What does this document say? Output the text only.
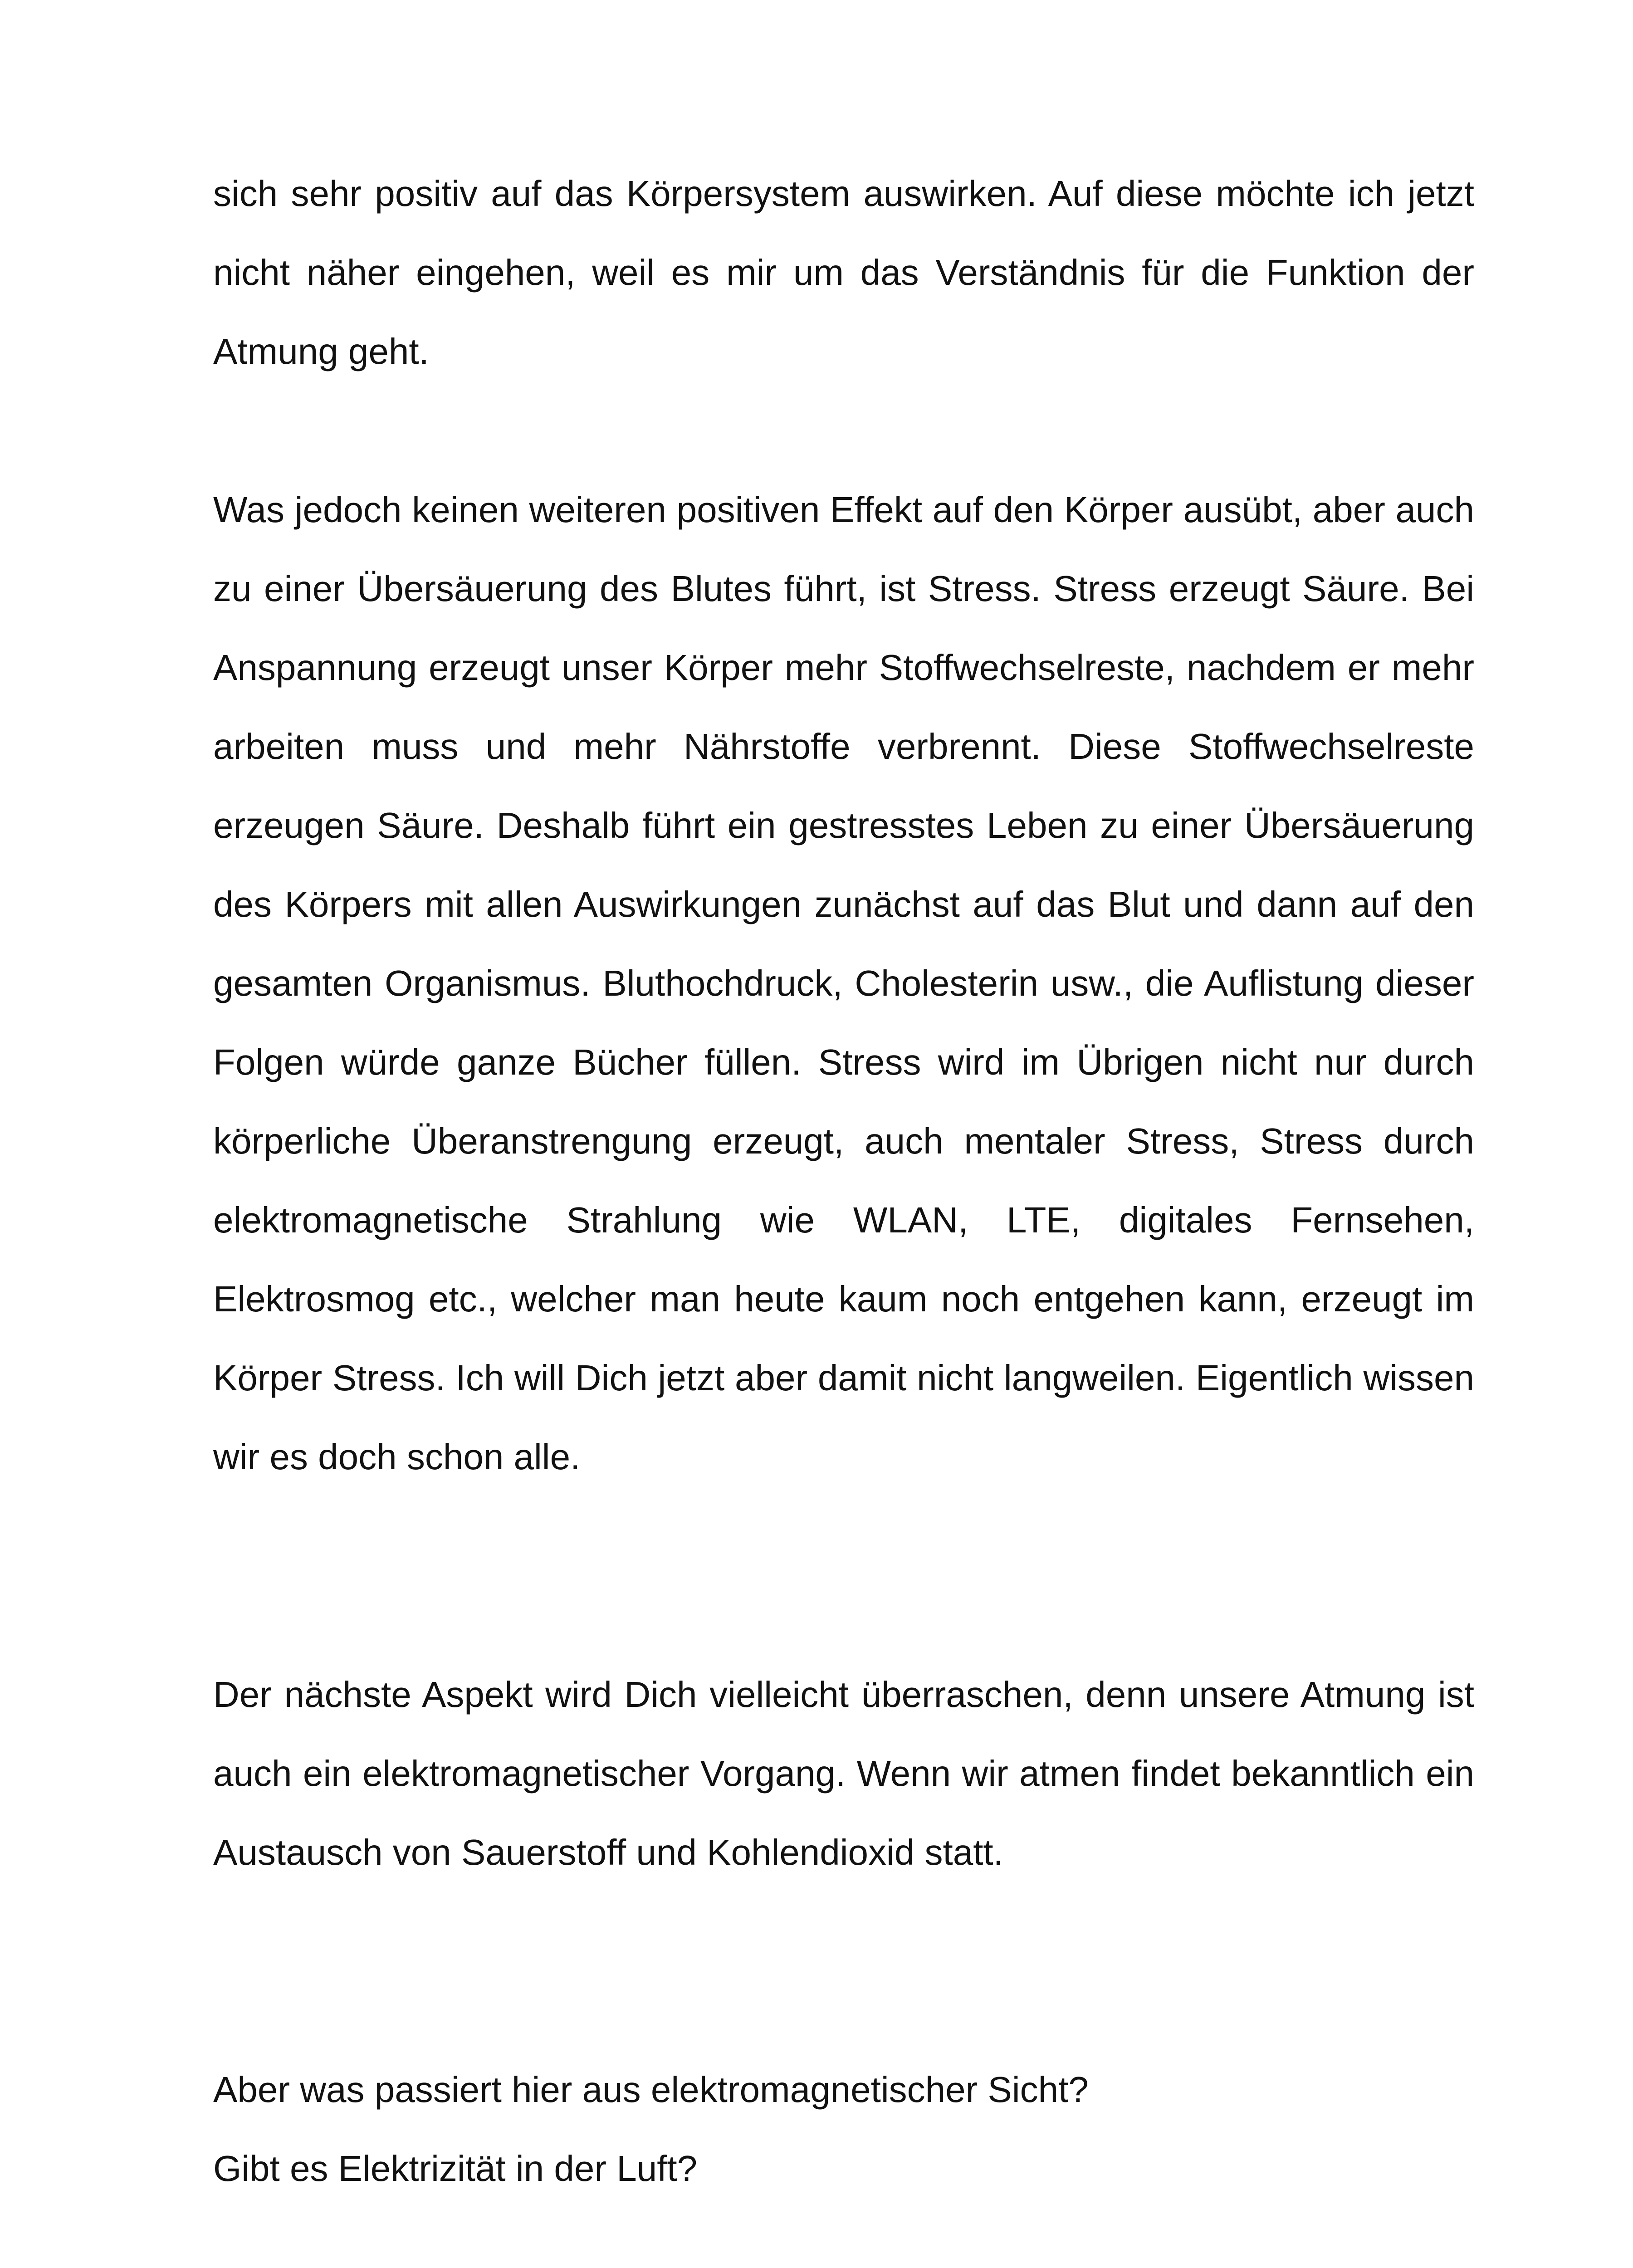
sich sehr positiv auf das Körpersystem auswirken. Auf diese möchte ich jetzt nicht näher eingehen, weil es mir um das Verständnis für die Funktion der Atmung geht.

Was jedoch keinen weiteren positiven Effekt auf den Körper ausübt, aber auch zu einer Übersäuerung des Blutes führt, ist Stress. Stress erzeugt Säure. Bei Anspannung erzeugt unser Körper mehr Stoffwechselreste, nachdem er mehr arbeiten muss und mehr Nährstoffe verbrennt. Diese Stoffwechselreste erzeugen Säure. Deshalb führt ein gestresstes Leben zu einer Übersäuerung des Körpers mit allen Auswirkungen zunächst auf das Blut und dann auf den gesamten Organismus. Bluthochdruck, Cholesterin usw., die Auflistung dieser Folgen würde ganze Bücher füllen. Stress wird im Übrigen nicht nur durch körperliche Überanstrengung erzeugt, auch mentaler Stress, Stress durch elektromagnetische Strahlung wie WLAN, LTE, digitales Fernsehen, Elektrosmog etc., welcher man heute kaum noch entgehen kann, erzeugt im Körper Stress. Ich will Dich jetzt aber damit nicht langweilen. Eigentlich wissen wir es doch schon alle.

Der nächste Aspekt wird Dich vielleicht überraschen, denn unsere Atmung ist auch ein elektromagnetischer Vorgang. Wenn wir atmen findet bekanntlich ein Austausch von Sauerstoff und Kohlendioxid statt.

Aber was passiert hier aus elektromagnetischer Sicht?

Gibt es Elektrizität in der Luft?
